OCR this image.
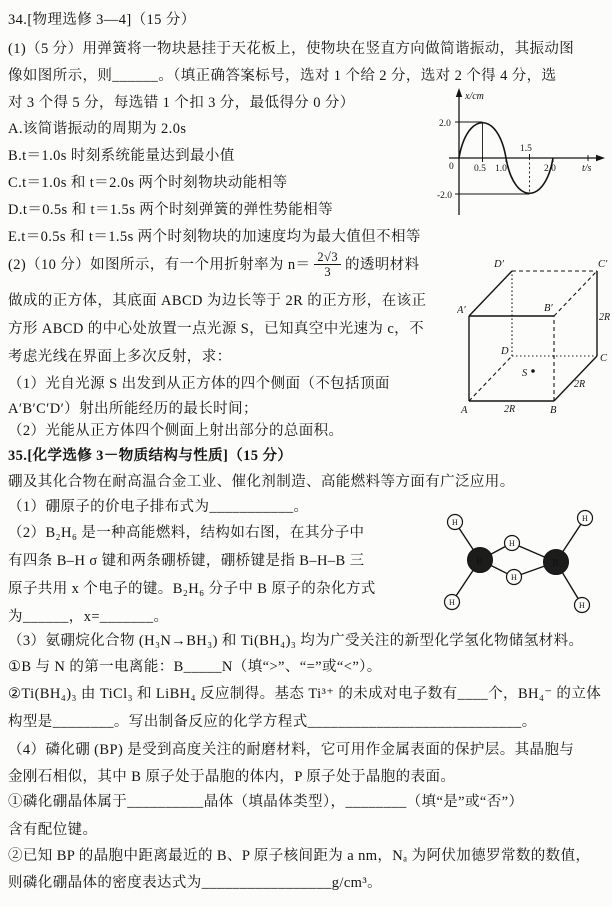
34.[物理选修 3—4]（15 分）
(1)（5 分）用弹簧将一物块悬挂于天花板上，使物块在竖直方向做简谐振动，其振动图
像如图所示，则______。（填正确答案标号，选对 1 个给 2 分，选对 2 个得 4 分，选
对 3 个得 5 分，每选错 1 个扣 3 分，最低得分 0 分）
A.该简谐振动的周期为 2.0s
B.t＝1.0s 时刻系统能量达到最小值
C.t＝1.0s 和 t＝2.0s 两个时刻物块动能相等
D.t＝0.5s 和 t＝1.5s 两个时刻弹簧的弹性势能相等
E.t＝0.5s 和 t＝1.5s 两个时刻物块的加速度均为最大值但不相等
(2)（10 分）如图所示，有一个用折射率为 $n= \frac{2√3}{3}$ 的透明材料
做成的正方体，其底面 ABCD 为边长等于 2R 的正方形，在该正
方形 ABCD 的中心处放置一点光源 S，已知真空中光速为 c，不
考虑光线在界面上多次反射，求：
（1）光自光源 S 出发到从正方体的四个侧面（不包括顶面
A′B′C′D′）射出所能经历的最长时间；
（2）光能从正方体四个侧面上射出部分的总面积。
35.[化学选修 3－物质结构与性质]（15 分）
硼及其化合物在耐高温合金工业、催化剂制造、高能燃料等方面有广泛应用。
（1）硼原子的价电子排布式为___________。
（2）B₂H₆ 是一种高能燃料，结构如右图，在其分子中
有四条 B–H σ 键和两条硼桥键，硼桥键是指 B–H–B 三
原子共用 x 个电子的键。B₂H₆ 分子中 B 原子的杂化方式
为______，x=_______。
（3）氨硼烷化合物 (H₃N→BH₃) 和 Ti(BH₄)₃ 均为广受关注的新型化学氢化物储氢材料。
①B 与 N 的第一电离能：B_____N（填“>”、“=”或“<”）。
②Ti(BH₄)₃ 由 TiCl₃ 和 LiBH₄ 反应制得。基态 Ti³⁺ 的未成对电子数有____个，BH₄⁻ 的立体
构型是________。写出制备反应的化学方程式____________________________。
（4）磷化硼 (BP) 是受到高度关注的耐磨材料，它可用作金属表面的保护层。其晶胞与
金刚石相似，其中 B 原子处于晶胞的体内，P 原子处于晶胞的表面。
①磷化硼晶体属于__________晶体（填晶体类型），________（填“是”或“否”）
含有配位键。
②已知 BP 的晶胞中距离最近的 B、P 原子核间距为 a nm，Nₐ 为阿伏加德罗常数的数值，
则磷化硼晶体的密度表达式为_________________g/cm³。
x/cm
2.0
0
-2.0
0.5 1.0
1.5
2.0	t/s
S
A	B
C
D
A′	B′
C′
D′
2R
2R
2R
B	B
H
H
H
H
H
H
